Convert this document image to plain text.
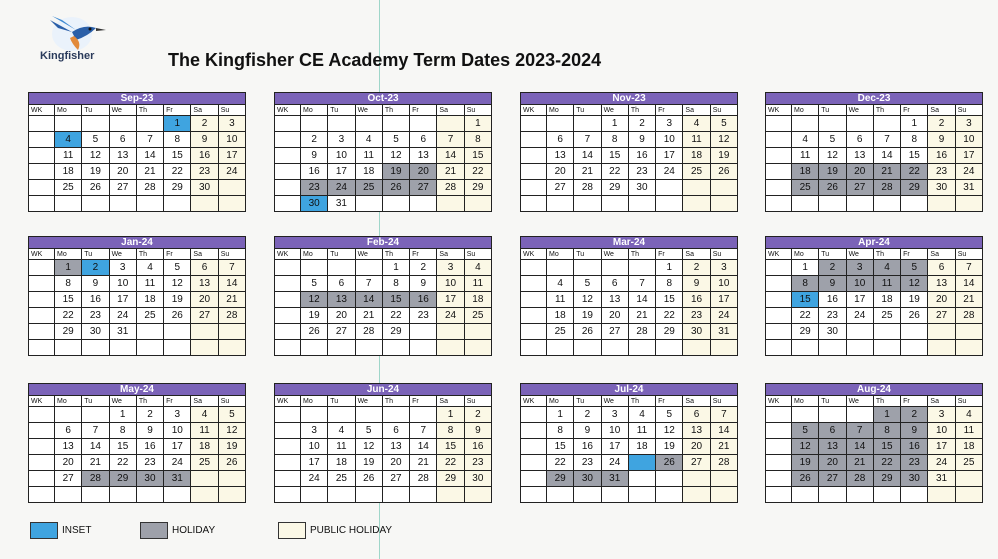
Kingfisher	The Kingfisher CE Academy Term Dates 2023-2024
Sep-23
WK	Mo	Tu	We	Th	Fr	Sa	Su
					1	2	3
	4	5	6	7	8	9	10
	11	12	13	14	15	16	17
	18	19	20	21	22	23	24
	25	26	27	28	29	30	

Oct-23
WK	Mo	Tu	We	Th	Fr	Sa	Su
							1
	2	3	4	5	6	7	8
	9	10	11	12	13	14	15
	16	17	18	19	20	21	22
	23	24	25	26	27	28	29
	30	31					
Nov-23
WK	Mo	Tu	We	Th	Fr	Sa	Su
			1	2	3	4	5
	6	7	8	9	10	11	12
	13	14	15	16	17	18	19
	20	21	22	23	24	25	26
	27	28	29	30			

Dec-23
WK	Mo	Tu	We	Th	Fr	Sa	Su
					1	2	3
	4	5	6	7	8	9	10
	11	12	13	14	15	16	17
	18	19	20	21	22	23	24
	25	26	27	28	29	30	31

Jan-24
WK	Mo	Tu	We	Th	Fr	Sa	Su
	1	2	3	4	5	6	7
	8	9	10	11	12	13	14
	15	16	17	18	19	20	21
	22	23	24	25	26	27	28
	29	30	31				

Feb-24
WK	Mo	Tu	We	Th	Fr	Sa	Su
				1	2	3	4
	5	6	7	8	9	10	11
	12	13	14	15	16	17	18
	19	20	21	22	23	24	25
	26	27	28	29			

Mar-24
WK	Mo	Tu	We	Th	Fr	Sa	Su
					1	2	3
	4	5	6	7	8	9	10
	11	12	13	14	15	16	17
	18	19	20	21	22	23	24
	25	26	27	28	29	30	31

Apr-24
WK	Mo	Tu	We	Th	Fr	Sa	Su
	1	2	3	4	5	6	7
	8	9	10	11	12	13	14
	15	16	17	18	19	20	21
	22	23	24	25	26	27	28
	29	30					

May-24
WK	Mo	Tu	We	Th	Fr	Sa	Su
			1	2	3	4	5
	6	7	8	9	10	11	12
	13	14	15	16	17	18	19
	20	21	22	23	24	25	26
	27	28	29	30	31		

Jun-24
WK	Mo	Tu	We	Th	Fr	Sa	Su
						1	2
	3	4	5	6	7	8	9
	10	11	12	13	14	15	16
	17	18	19	20	21	22	23
	24	25	26	27	28	29	30

Jul-24
WK	Mo	Tu	We	Th	Fr	Sa	Su
	1	2	3	4	5	6	7
	8	9	10	11	12	13	14
	15	16	17	18	19	20	21
	22	23	24		26	27	28
	29	30	31				

Aug-24
WK	Mo	Tu	We	Th	Fr	Sa	Su
				1	2	3	4
	5	6	7	8	9	10	11
	12	13	14	15	16	17	18
	19	20	21	22	23	24	25
	26	27	28	29	30	31	

INSET	HOLIDAY	PUBLIC HOLIDAY
